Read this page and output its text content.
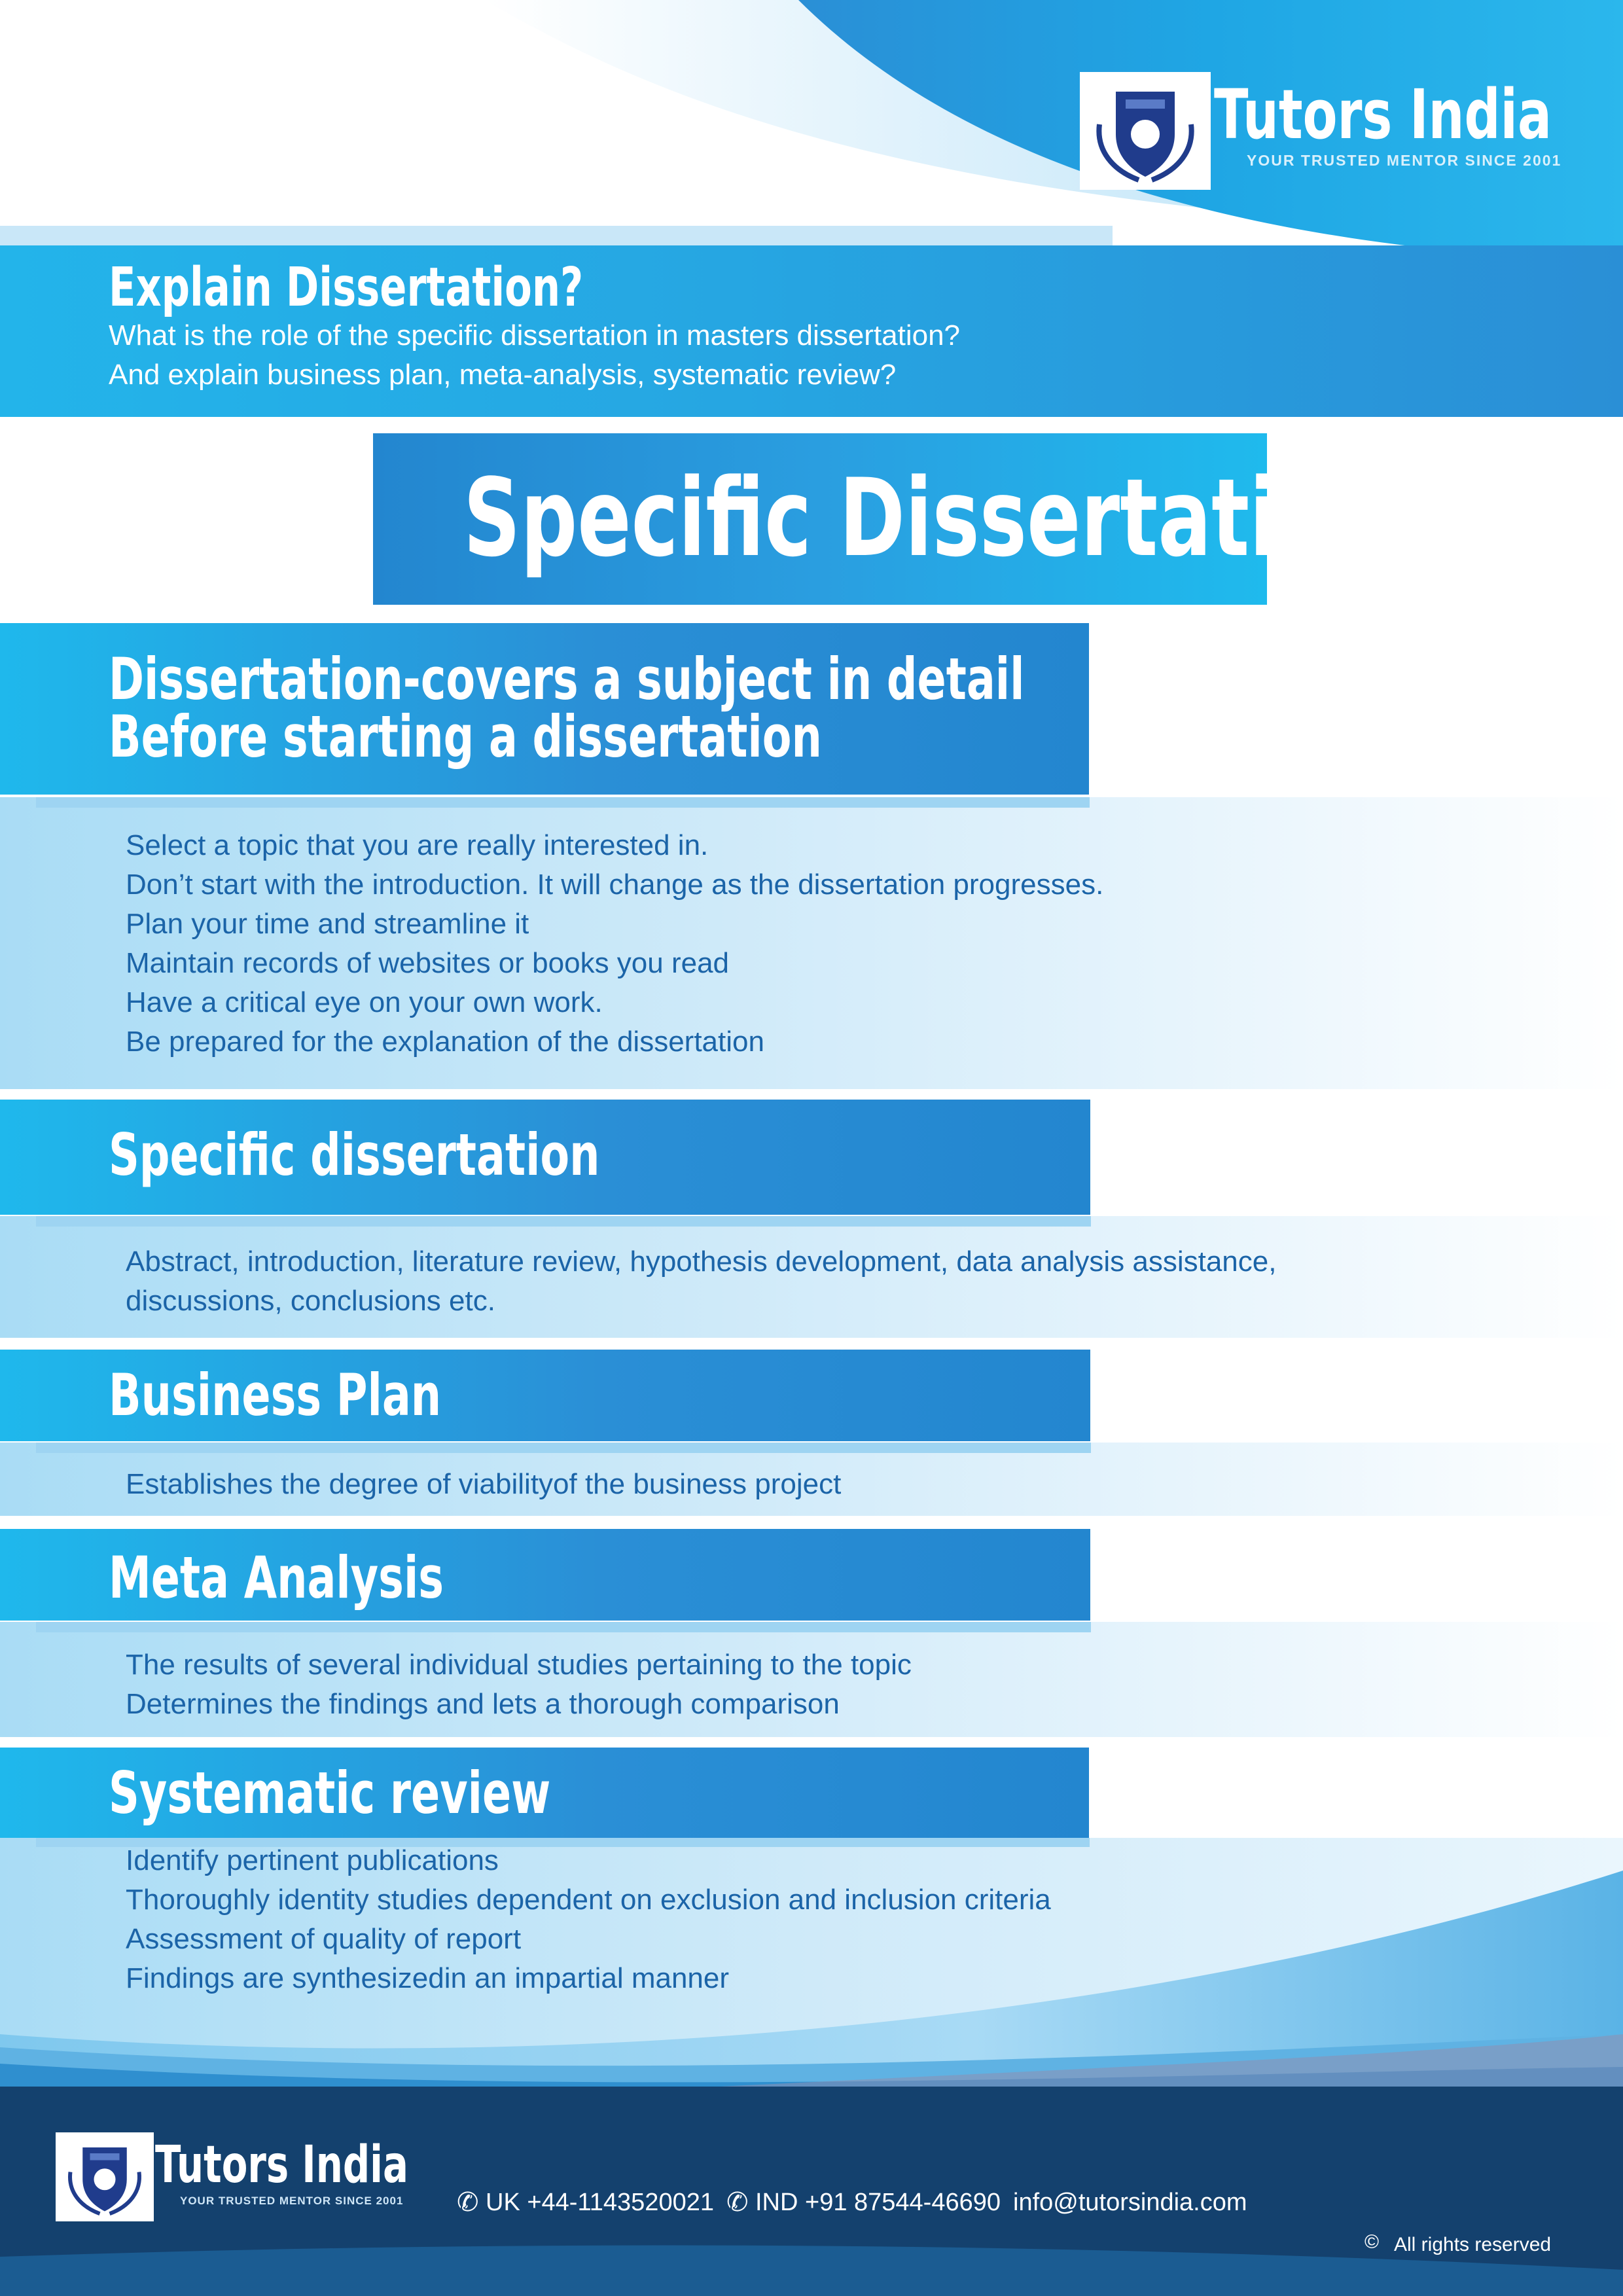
Tutors India
YOUR TRUSTED MENTOR SINCE 2001
Explain Dissertation?
What is the role of the specific dissertation in masters dissertation?
And explain business plan, meta-analysis, systematic review?
Specific Dissertation
Dissertation-covers a subject in detail
Before starting a dissertation
Select a topic that you are really interested in.
Don’t start with the introduction. It will change as the dissertation progresses.
Plan your time and streamline it
Maintain records of websites or books you read
Have a critical eye on your own work.
Be prepared for the explanation of the dissertation
Specific dissertation
Abstract, introduction, literature review, hypothesis development, data analysis assistance,
discussions, conclusions etc.
Business Plan
Establishes the degree of viabilityof the business project
Meta Analysis
The results of several individual studies pertaining to the topic
Determines the findings and lets a thorough comparison
Systematic review
Identify pertinent publications
Thoroughly identity studies dependent on exclusion and inclusion criteria
Assessment of quality of report
Findings are synthesizedin an impartial manner
Tutors India
YOUR TRUSTED MENTOR SINCE 2001 ✆ UK +44-1143520021 ✆ IND +91 87544-46690 info@tutorsindia.com
© All rights reserved
